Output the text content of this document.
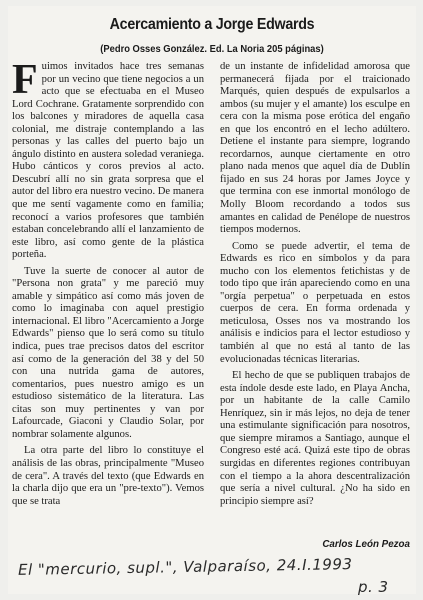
Acercamiento a Jorge Edwards
(Pedro Osses González. Ed. La Noria 205 páginas)

Fuimos invitados hace tres semanas por un vecino que tiene negocios a un acto que se efectuaba en el Museo Lord Cochrane. Gratamente sorprendido con los balcones y miradores de aquella casa colonial, me distraje contemplando a las personas y las calles del puerto bajo un ángulo distinto en austera soledad veraniega. Hubo cánticos y coros previos al acto. Descubrí allí no sin grata sorpresa que el autor del libro era nuestro vecino. De manera que me sentí vagamente como en familia; reconocí a varios profesores que también estaban concelebrando allí el lanzamiento de este libro, así como gente de la plástica porteña.

Tuve la suerte de conocer al autor de "Persona non grata" y me pareció muy amable y simpático así como más joven de como lo imaginaba con aquel prestigio internacional. El libro "Acercamiento a Jorge Edwards" pienso que lo será como su título indica, pues trae precisos datos del escritor así como de la generación del 38 y del 50 con una nutrida gama de autores, comentarios, pues nuestro amigo es un estudioso sistemático de la literatura. Las citas son muy pertinentes y van por Lafourcade, Giaconi y Claudio Solar, por nombrar solamente algunos.

La otra parte del libro lo constituye el análisis de las obras, principalmente "Museo de cera". A través del texto (que Edwards en la charla dijo que era un "pre-texto"). Vemos que se trata

de un instante de infidelidad amorosa que permanecerá fijada por el traicionado Marqués, quien después de expulsarlos a ambos (su mujer y el amante) los esculpe en cera con la misma pose erótica del engaño en que los encontró en el lecho adúltero. Detiene el instante para siempre, logrando recordarnos, aunque ciertamente en otro plano nada menos que aquel día de Dublín fijado en sus 24 horas por James Joyce y que termina con ese inmortal monólogo de Molly Bloom recordando a todos sus amantes en calidad de Penélope de nuestros tiempos modernos.

Como se puede advertir, el tema de Edwards es rico en símbolos y da para mucho con los elementos fetichistas y de todo tipo que irán apareciendo como en una "orgía perpetua" o perpetuada en estos cuerpos de cera. En forma ordenada y meticulosa, Osses nos va mostrando los análisis e indicios para el lector estudioso y también al que no está al tanto de las evolucionadas técnicas literarias.

El hecho de que se publiquen trabajos de esta índole desde este lado, en Playa Ancha, por un habitante de la calle Camilo Henríquez, sin ir más lejos, no deja de tener una estimulante significación para nosotros, que siempre miramos a Santiago, aunque el Congreso esté acá. Quizá este tipo de obras surgidas en diferentes regiones contribuyan con el tiempo a la ahora descentralización que sería a nivel cultural. ¿No ha sido en principio siempre así?

Carlos León Pezoa
El "mercurio, supl.", Valparaíso, 24.I.1993
p. 3
